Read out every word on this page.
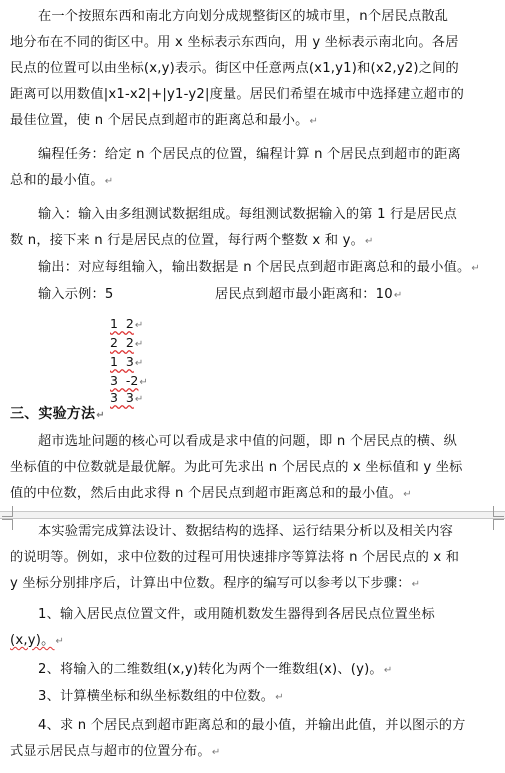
在一个按照东西和南北方向划分成规整街区的城市里，n个居民点散乱
地分布在不同的街区中。用 x 坐标表示东西向，用 y 坐标表示南北向。各居
民点的位置可以由坐标(x,y)表示。街区中任意两点(x1,y1)和(x2,y2)之间的
距离可以用数值|x1-x2|+|y1-y2|度量。居民们希望在城市中选择建立超市的
最佳位置，使 n 个居民点到超市的距离总和最小。↵
编程任务：给定 n 个居民点的位置，编程计算 n 个居民点到超市的距离
总和的最小值。↵
输入：输入由多组测试数据组成。每组测试数据输入的第 1 行是居民点
数 n，接下来 n 行是居民点的位置，每行两个整数 x 和 y。↵
输出：对应每组输入，输出数据是 n 个居民点到超市距离总和的最小值。↵
输入示例：5	居民点到超市最小距离和：10↵
1  2↵
2  2↵
1  3↵
3  -2↵
3  3↵
三、实验方法↵
超市选址问题的核心可以看成是求中值的问题，即 n 个居民点的横、纵
坐标值的中位数就是最优解。为此可先求出 n 个居民点的 x 坐标值和 y 坐标
值的中位数，然后由此求得 n 个居民点到超市距离总和的最小值。↵
本实验需完成算法设计、数据结构的选择、运行结果分析以及相关内容
的说明等。例如，求中位数的过程可用快速排序等算法将 n 个居民点的 x 和
y 坐标分别排序后，计算出中位数。程序的编写可以参考以下步骤：↵
1、输入居民点位置文件，或用随机数发生器得到各居民点位置坐标
(x,y)。↵
2、将输入的二维数组(x,y)转化为两个一维数组(x)、(y)。↵
3、计算横坐标和纵坐标数组的中位数。↵
4、求 n 个居民点到超市距离总和的最小值，并输出此值，并以图示的方
式显示居民点与超市的位置分布。↵
